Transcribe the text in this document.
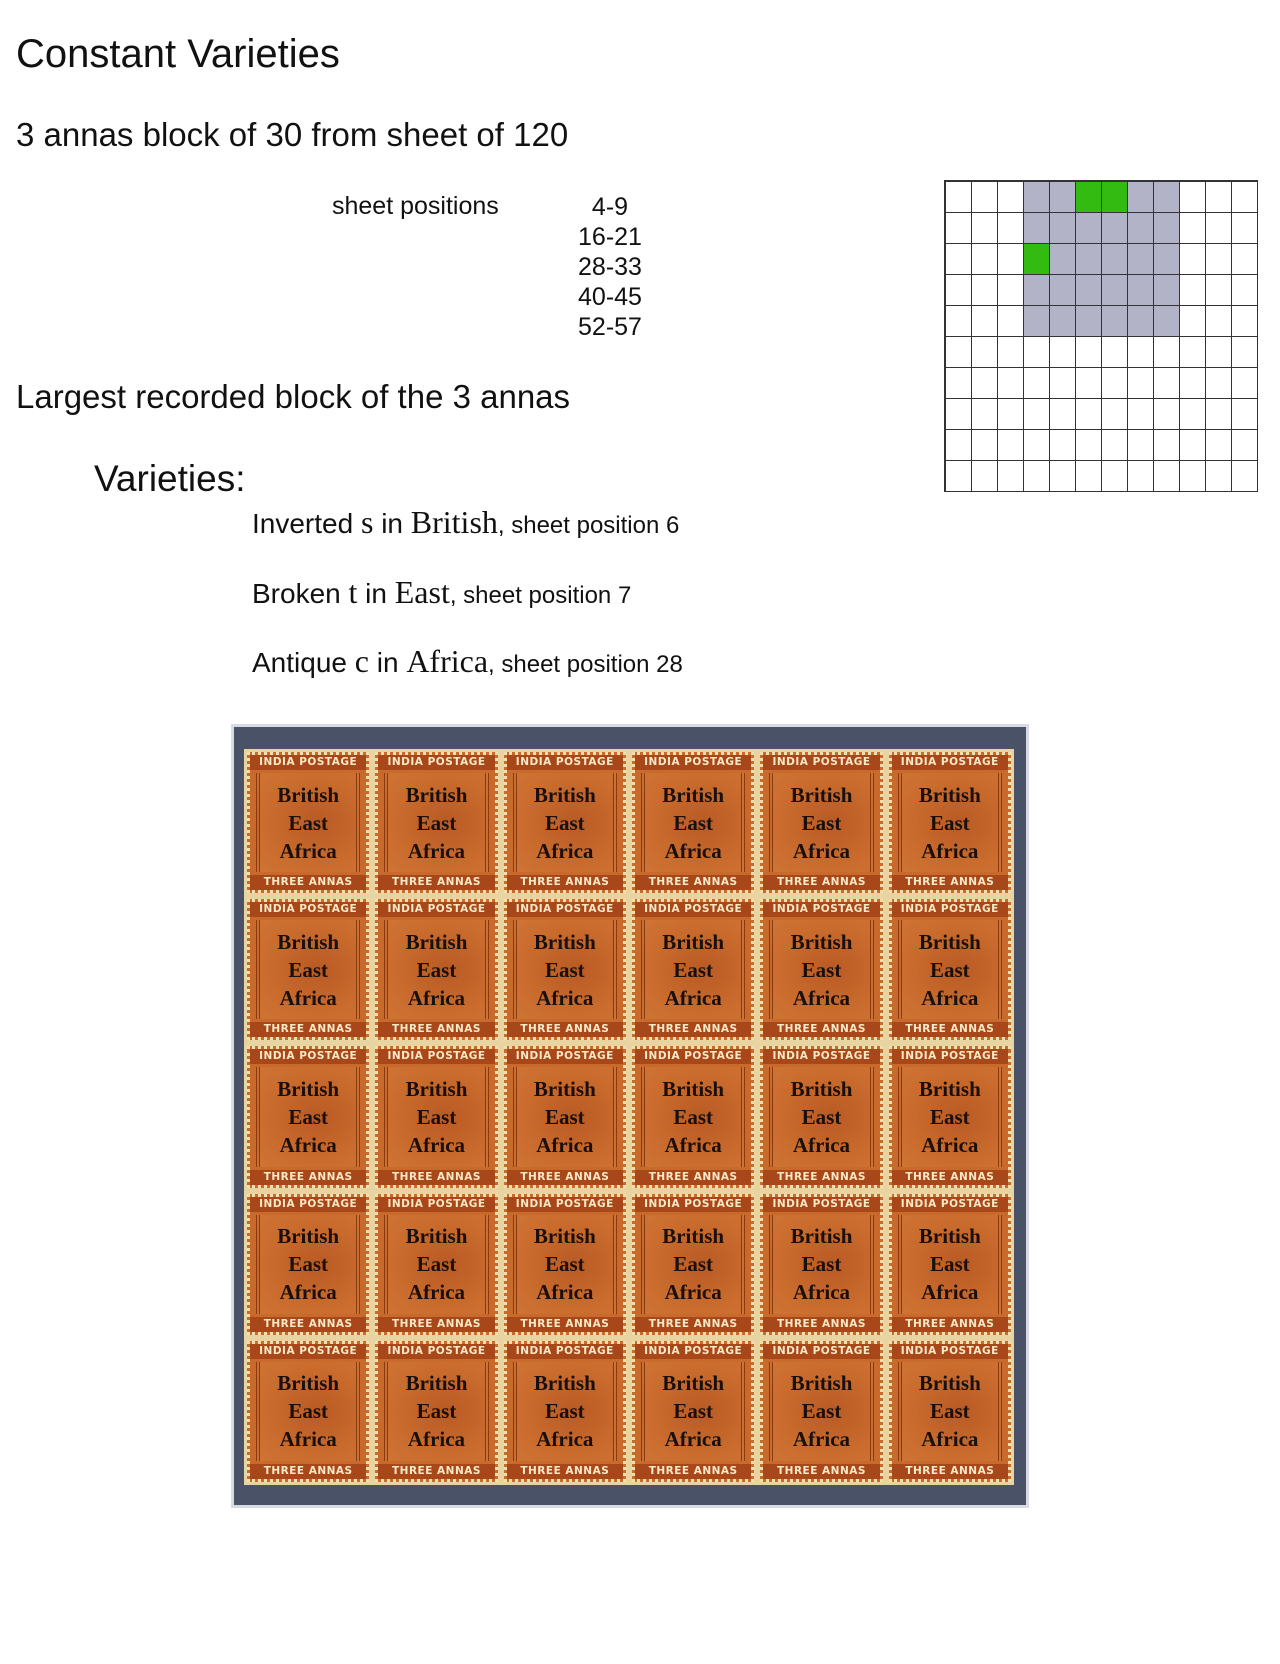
Constant Varieties
3 annas block of 30 from sheet of 120
sheet positions	4-9
16-21
28-33
40-45
52-57
Largest recorded block of the 3 annas
Varieties:
Inverted s in British, sheet position 6
Broken t in East, sheet position 7
Antique c in Africa, sheet position 28
INDIA POSTAGE
British
East
Africa
THREE ANNAS
INDIA POSTAGE
British
East
Africa
THREE ANNAS
INDIA POSTAGE
British
East
Africa
THREE ANNAS
INDIA POSTAGE
British
East
Africa
THREE ANNAS
INDIA POSTAGE
British
East
Africa
THREE ANNAS
INDIA POSTAGE
British
East
Africa
THREE ANNAS
INDIA POSTAGE
British
East
Africa
THREE ANNAS
INDIA POSTAGE
British
East
Africa
THREE ANNAS
INDIA POSTAGE
British
East
Africa
THREE ANNAS
INDIA POSTAGE
British
East
Africa
THREE ANNAS
INDIA POSTAGE
British
East
Africa
THREE ANNAS
INDIA POSTAGE
British
East
Africa
THREE ANNAS
INDIA POSTAGE
British
East
Africa
THREE ANNAS
INDIA POSTAGE
British
East
Africa
THREE ANNAS
INDIA POSTAGE
British
East
Africa
THREE ANNAS
INDIA POSTAGE
British
East
Africa
THREE ANNAS
INDIA POSTAGE
British
East
Africa
THREE ANNAS
INDIA POSTAGE
British
East
Africa
THREE ANNAS
INDIA POSTAGE
British
East
Africa
THREE ANNAS
INDIA POSTAGE
British
East
Africa
THREE ANNAS
INDIA POSTAGE
British
East
Africa
THREE ANNAS
INDIA POSTAGE
British
East
Africa
THREE ANNAS
INDIA POSTAGE
British
East
Africa
THREE ANNAS
INDIA POSTAGE
British
East
Africa
THREE ANNAS
INDIA POSTAGE
British
East
Africa
THREE ANNAS
INDIA POSTAGE
British
East
Africa
THREE ANNAS
INDIA POSTAGE
British
East
Africa
THREE ANNAS
INDIA POSTAGE
British
East
Africa
THREE ANNAS
INDIA POSTAGE
British
East
Africa
THREE ANNAS
INDIA POSTAGE
British
East
Africa
THREE ANNAS
